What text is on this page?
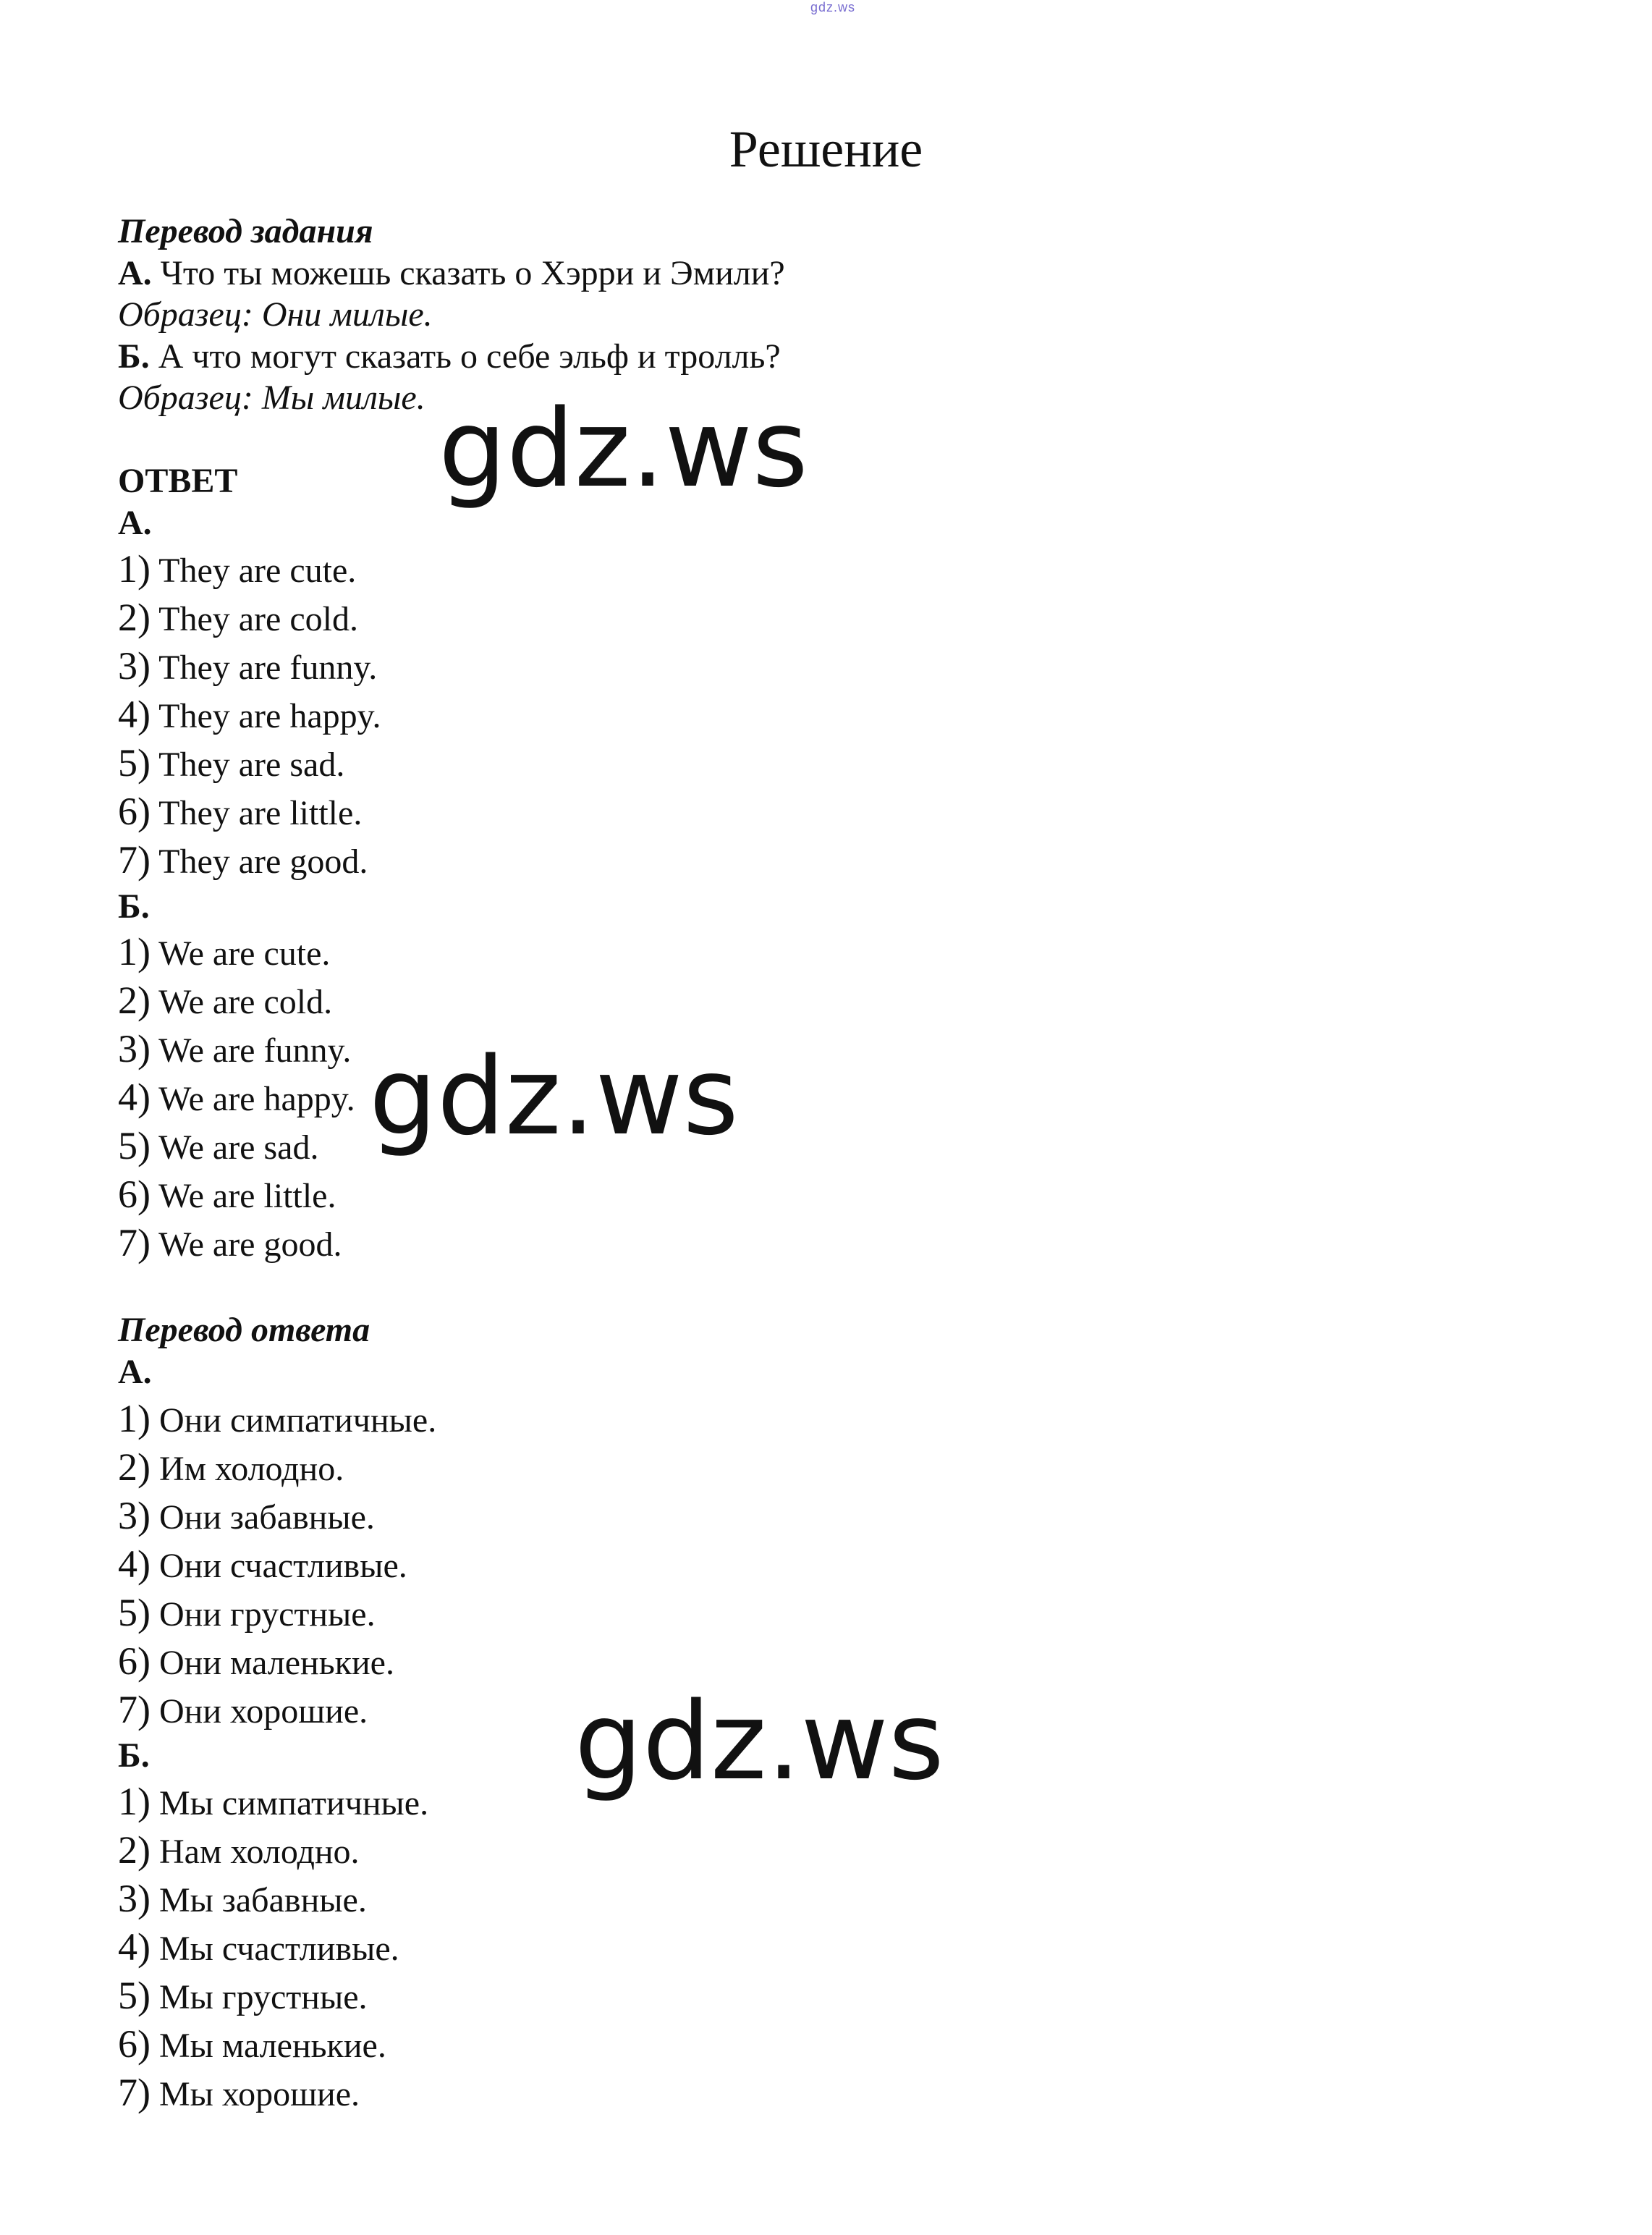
gdz.ws
Решение
Перевод задания
А. Что ты можешь сказать о Хэрри и Эмили?
Образец: Они милые.
Б. А что могут сказать о себе эльф и тролль?
Образец: Мы милые.
ОТВЕТ
А.
1) They are cute.
2) They are cold.
3) They are funny.
4) They are happy.
5) They are sad.
6) They are little.
7) They are good.
Б.
1) We are cute.
2) We are cold.
3) We are funny.
4) We are happy.
5) We are sad.
6) We are little.
7) We are good.
Перевод ответа
А.
1) Они симпатичные.
2) Им холодно.
3) Они забавные.
4) Они счастливые.
5) Они грустные.
6) Они маленькие.
7) Они хорошие.
Б.
1) Мы симпатичные.
2) Нам холодно.
3) Мы забавные.
4) Мы счастливые.
5) Мы грустные.
6) Мы маленькие.
7) Мы хорошие.
gdz.ws
gdz.ws
gdz.ws
